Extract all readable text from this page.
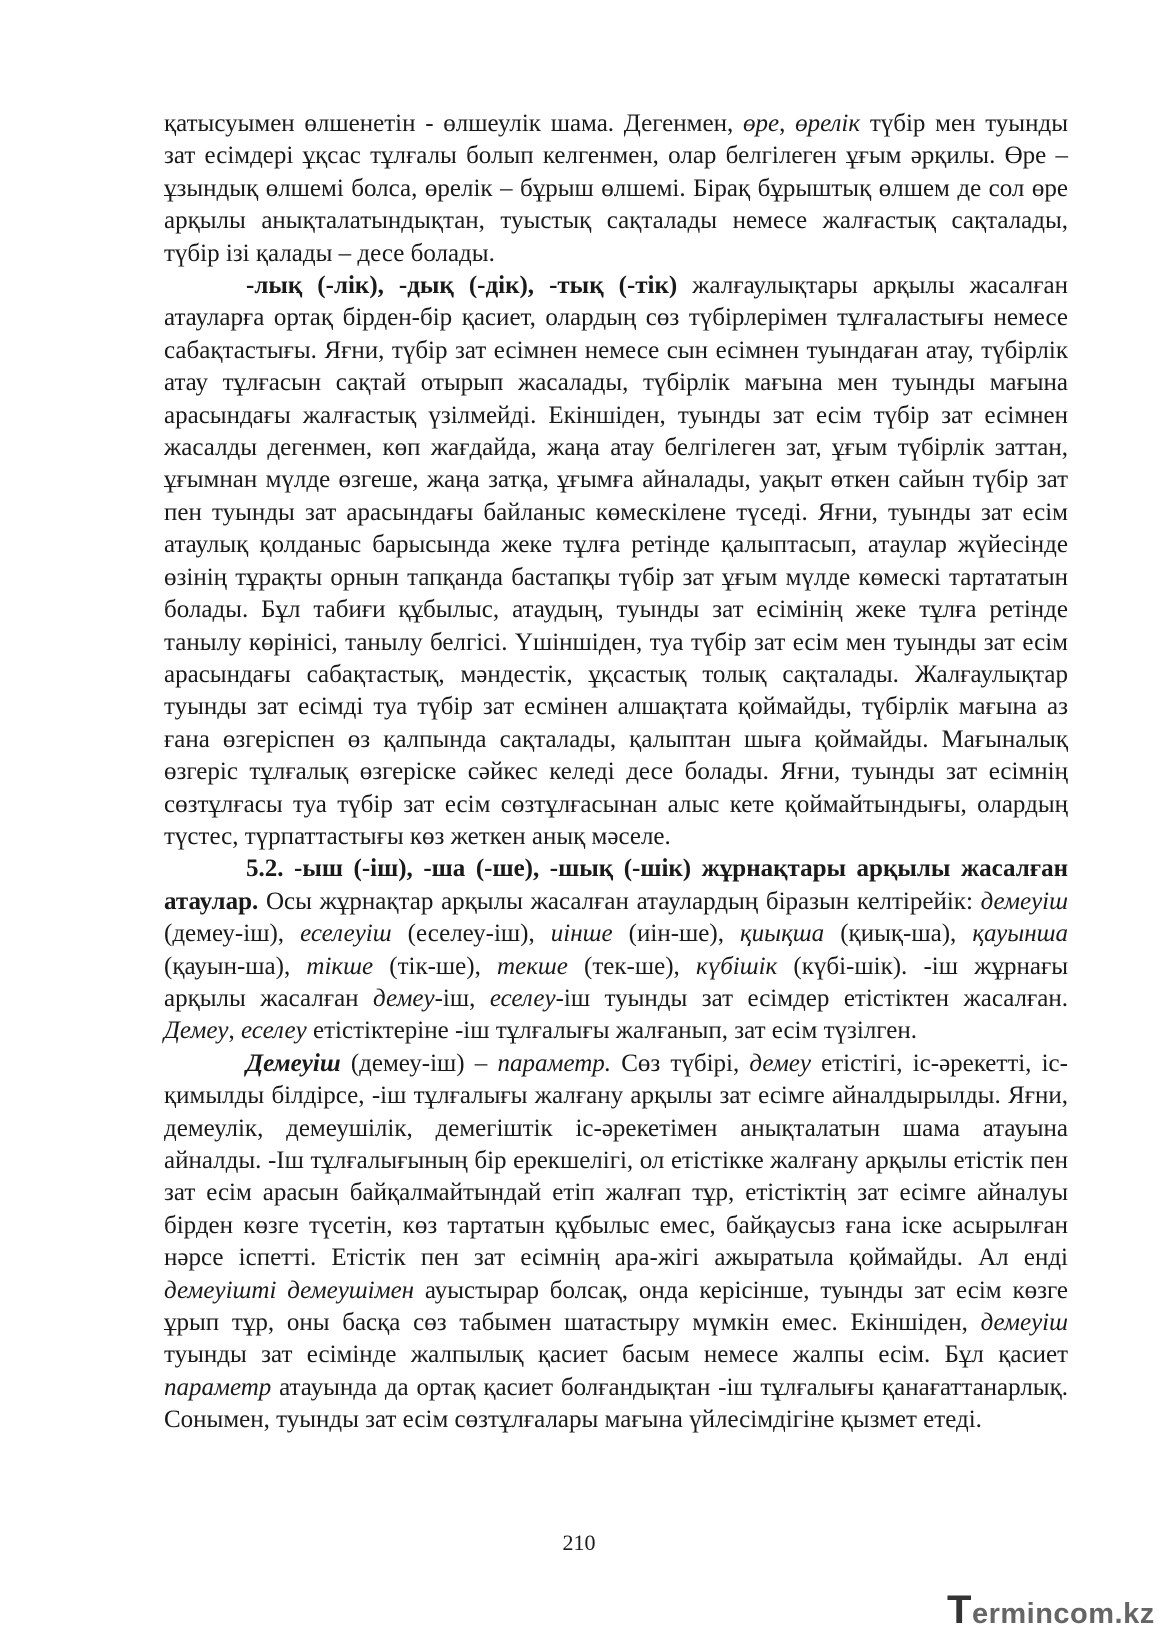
қатысуымен өлшенетін - өлшеулік шама. Дегенмен, өре, өрелік түбір мен туынды зат есімдері ұқсас тұлғалы болып келгенмен, олар белгілеген ұғым әрқилы. Өре – ұзындық өлшемі болса, өрелік – бұрыш өлшемі. Бірақ бұрыштық өлшем де сол өре арқылы анықталатындықтан, туыстық сақталады немесе жалғастық сақталады, түбір ізі қалады – десе болады.

-лық (-лік), -дық (-дік), -тық (-тік) жалғаулықтары арқылы жасалған атауларға ортақ бірден-бір қасиет, олардың сөз түбірлерімен тұлғаластығы немесе сабақтастығы. Яғни, түбір зат есімнен немесе сын есімнен туындаған атау, түбірлік атау тұлғасын сақтай отырып жасалады, түбірлік мағына мен туынды мағына арасындағы жалғастық үзілмейді. Екіншіден, туынды зат есім түбір зат есімнен жасалды дегенмен, көп жағдайда, жаңа атау белгілеген зат, ұғым түбірлік заттан, ұғымнан мүлде өзгеше, жаңа затқа, ұғымға айналады, уақыт өткен сайын түбір зат пен туынды зат арасындағы байланыс көмескілене түседі. Яғни, туынды зат есім атаулық қолданыс барысында жеке тұлға ретінде қалыптасып, атаулар жүйесінде өзінің тұрақты орнын тапқанда бастапқы түбір зат ұғым мүлде көмескі тартататын болады. Бұл табиғи құбылыс, атаудың, туынды зат есімінің жеке тұлға ретінде танылу көрінісі, танылу белгісі. Үшіншіден, туа түбір зат есім мен туынды зат есім арасындағы сабақтастық, мәндестік, ұқсастық толық сақталады. Жалғаулықтар туынды зат есімді туа түбір зат есмінен алшақтата қоймайды, түбірлік мағына аз ғана өзгеріспен өз қалпында сақталады, қалыптан шыға қоймайды. Мағыналық өзгеріс тұлғалық өзгеріске сәйкес келеді десе болады. Яғни, туынды зат есімнің сөзтұлғасы туа түбір зат есім сөзтұлғасынан алыс кете қоймайтындығы, олардың түстес, түрпаттастығы көз жеткен анық мәселе.

5.2. -ыш (-іш), -ша (-ше), -шық (-шік) жұрнақтары арқылы жасалған атаулар. Осы жұрнақтар арқылы жасалған атаулардың біразын келтірейік: демеуіш (демеу-іш), еселеуіш (еселеу-іш), иінше (иін-ше), қиықша (қиық-ша), қауынша (қауын-ша), тікше (тік-ше), текше (тек-ше), күбішік (күбі-шік). -іш жұрнағы арқылы жасалған демеу-іш, еселеу-іш туынды зат есімдер етістіктен жасалған. Демеу, еселеу етістіктеріне -іш тұлғалығы жалғанып, зат есім түзілген.

Демеуіш (демеу-іш) – параметр. Сөз түбірі, демеу етістігі, іс-әрекетті, іс-қимылды білдірсе, -іш тұлғалығы жалғану арқылы зат есімге айналдырылды. Яғни, демеулік, демеушілік, демегіштік іс-әрекетімен анықталатын шама атауына айналды. -Іш тұлғалығының бір ерекшелігі, ол етістікке жалғану арқылы етістік пен зат есім арасын байқалмайтындай етіп жалғап тұр, етістіктің зат есімге айналуы бірден көзге түсетін, көз тартатын құбылыс емес, байқаусыз ғана іске асырылған нәрсе іспетті. Етістік пен зат есімнің ара-жігі ажыратыла қоймайды. Ал енді демеуішті демеушімен ауыстырар болсақ, онда керісінше, туынды зат есім көзге ұрып тұр, оны басқа сөз табымен шатастыру мүмкін емес. Екіншіден, демеуіш туынды зат есімінде жалпылық қасиет басым немесе жалпы есім. Бұл қасиет параметр атауында да ортақ қасиет болғандықтан -іш тұлғалығы қанағаттанарлық. Сонымен, туынды зат есім сөзтұлғалары мағына үйлесімдігіне қызмет етеді.

210
Termincom.kz
